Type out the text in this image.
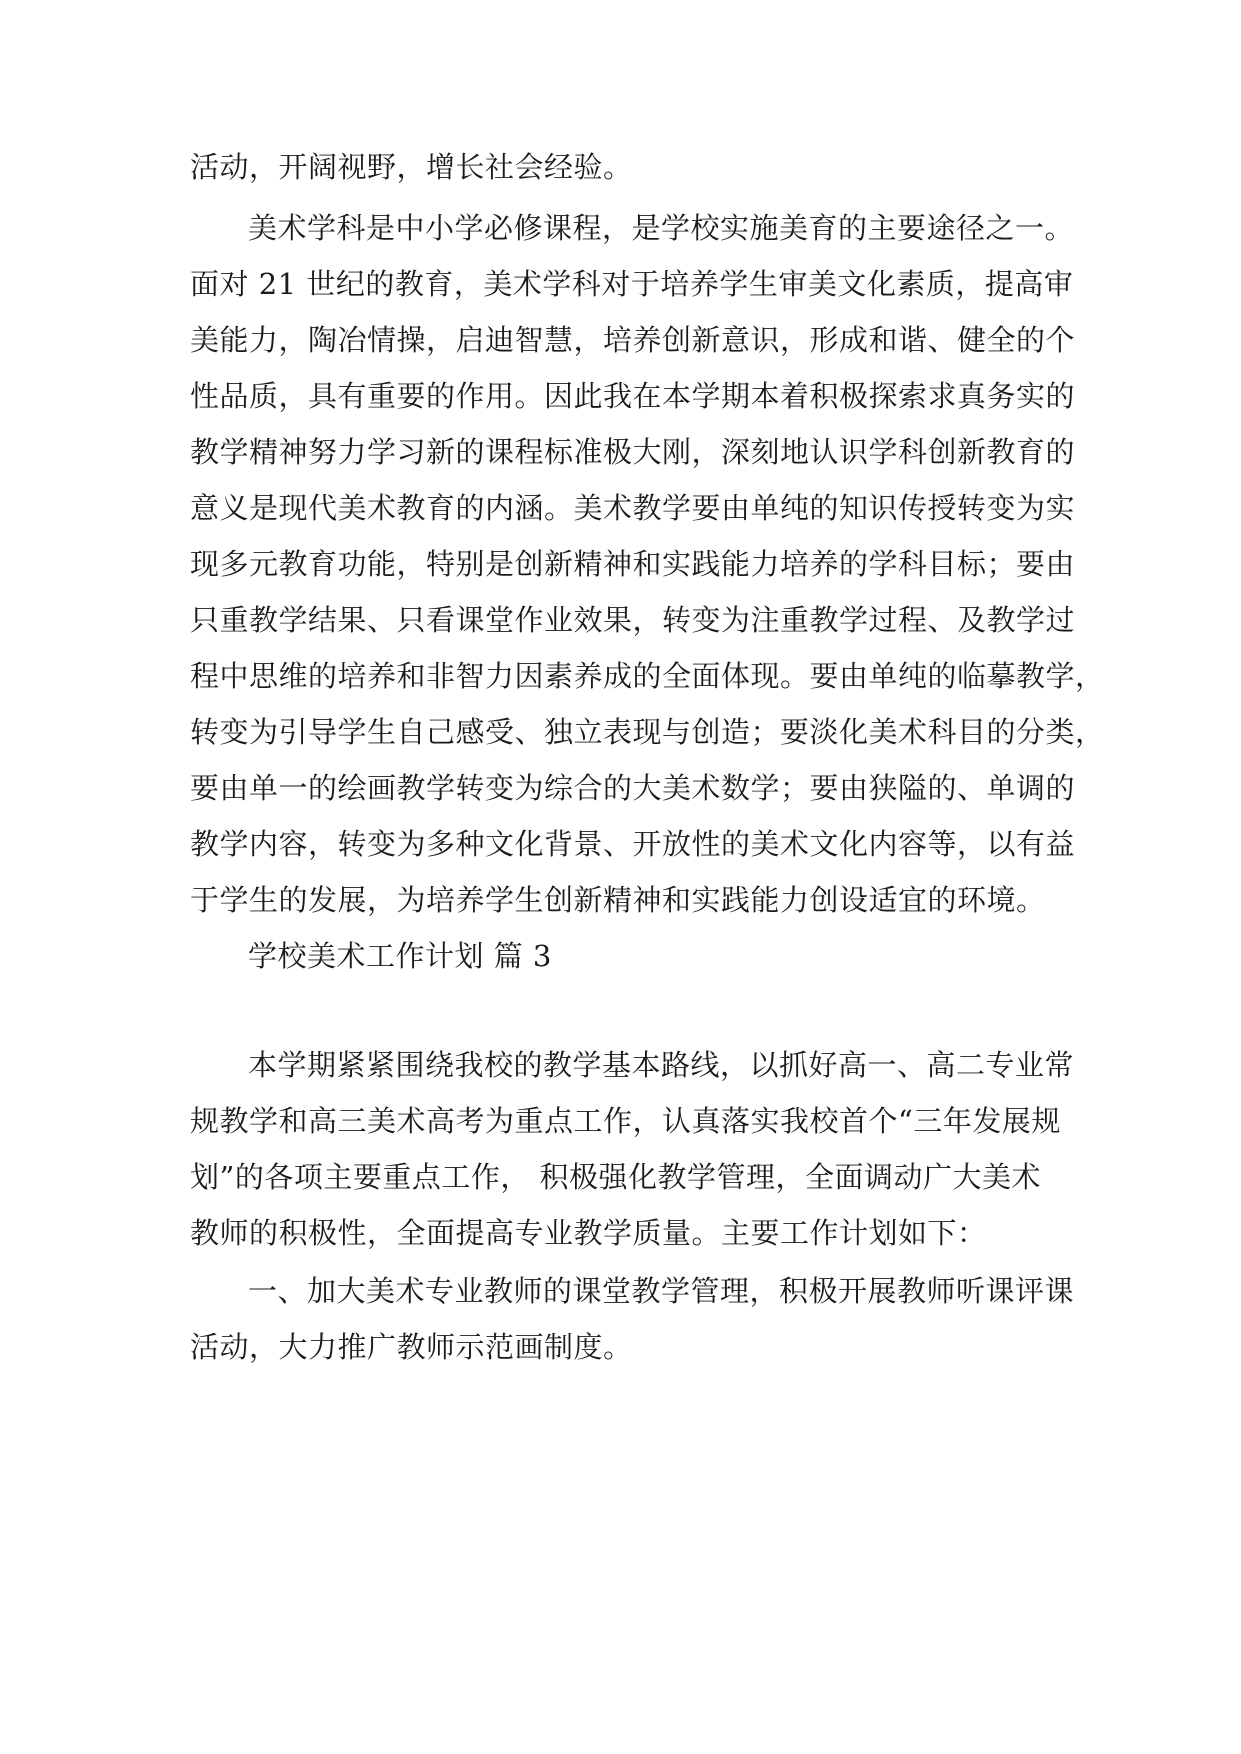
活动，开阔视野，增长社会经验。
美术学科是中小学必修课程，是学校实施美育的主要途径之一。
面对 21 世纪的教育，美术学科对于培养学生审美文化素质，提高审
美能力，陶冶情操，启迪智慧，培养创新意识，形成和谐、健全的个
性品质，具有重要的作用。因此我在本学期本着积极探索求真务实的
教学精神努力学习新的课程标准极大刚，深刻地认识学科创新教育的
意义是现代美术教育的内涵。美术教学要由单纯的知识传授转变为实
现多元教育功能，特别是创新精神和实践能力培养的学科目标；要由
只重教学结果、只看课堂作业效果，转变为注重教学过程、及教学过
程中思维的培养和非智力因素养成的全面体现。要由单纯的临摹教学，
转变为引导学生自己感受、独立表现与创造；要淡化美术科目的分类，
要由单一的绘画教学转变为综合的大美术数学；要由狭隘的、单调的
教学内容，转变为多种文化背景、开放性的美术文化内容等，以有益
于学生的发展，为培养学生创新精神和实践能力创设适宜的环境。
学校美术工作计划 篇 3
本学期紧紧围绕我校的教学基本路线，以抓好高一、高二专业常
规教学和高三美术高考为重点工作，认真落实我校首个“三年发展规
划”的各项主要重点工作， 积极强化教学管理，全面调动广大美术
教师的积极性，全面提高专业教学质量。主要工作计划如下：
一、加大美术专业教师的课堂教学管理，积极开展教师听课评课
活动，大力推广教师示范画制度。
